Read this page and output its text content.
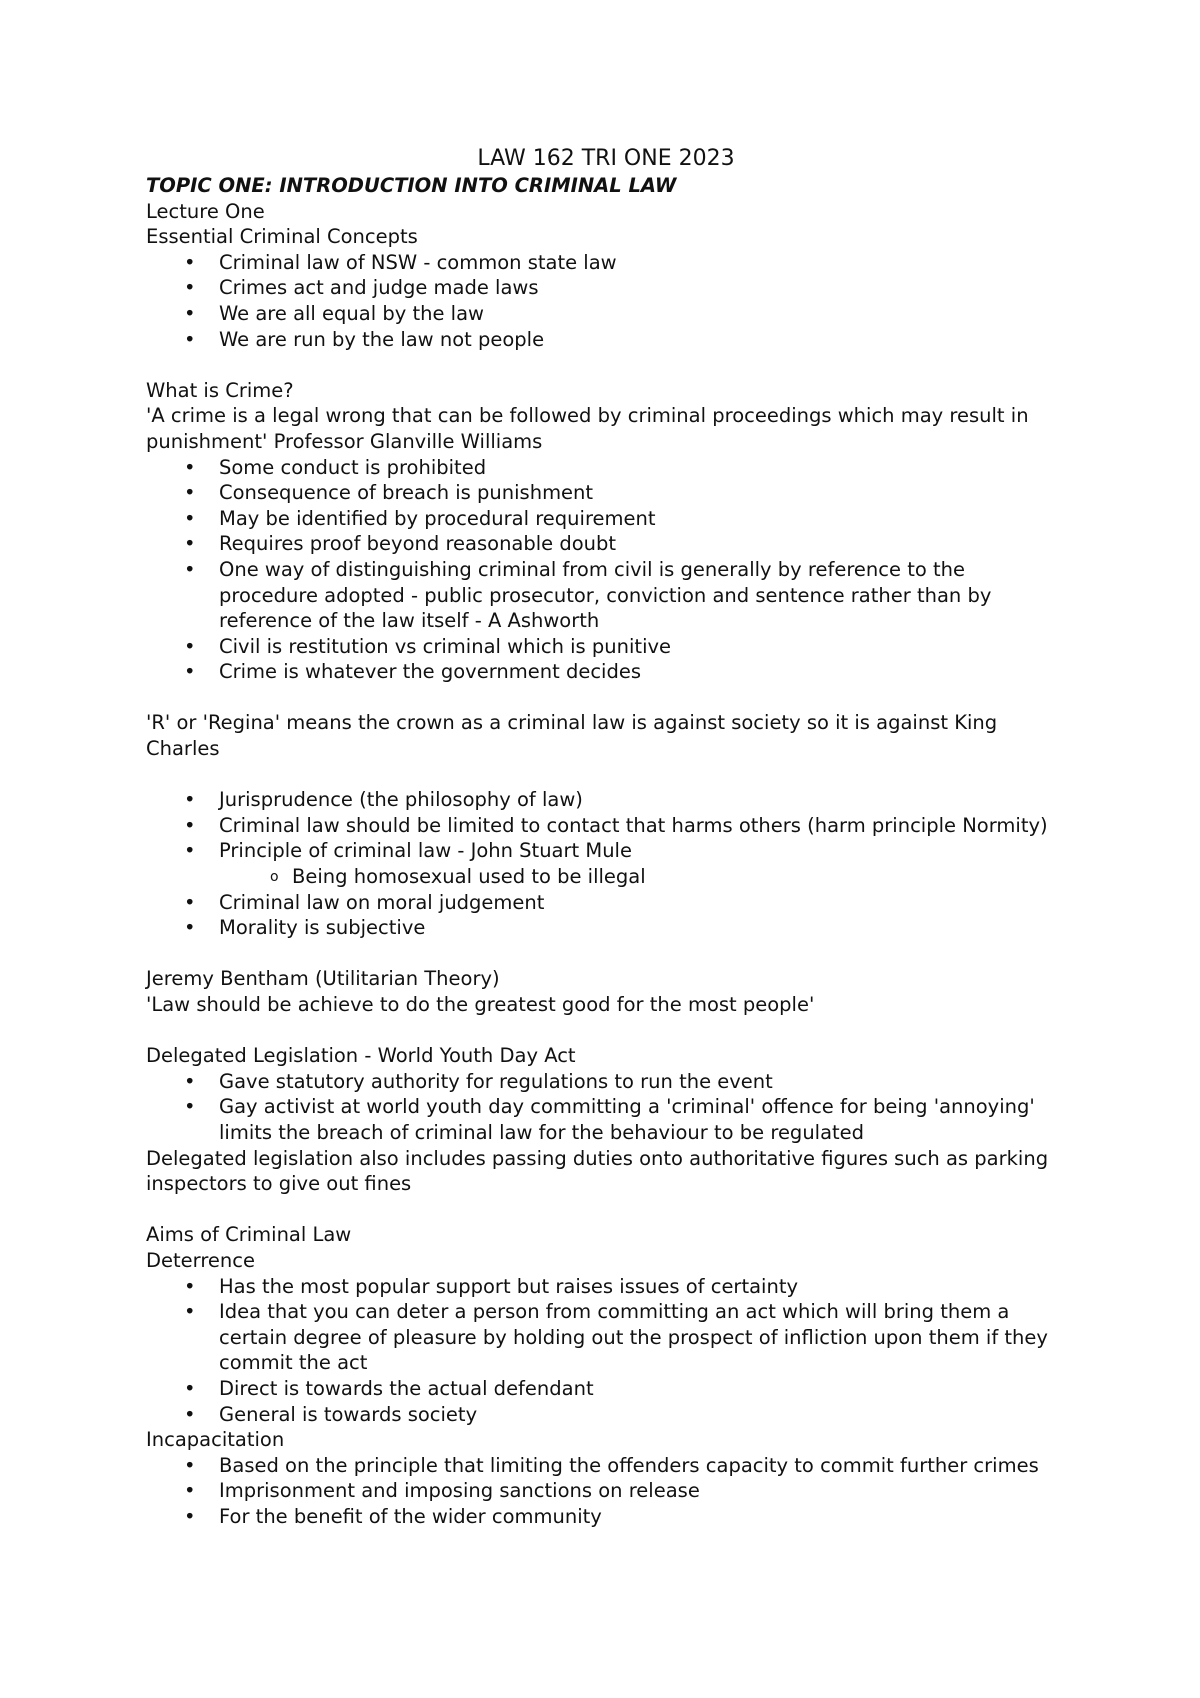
LAW 162 TRI ONE 2023

TOPIC ONE: INTRODUCTION INTO CRIMINAL LAW

Lecture One

Essential Criminal Concepts

• Criminal law of NSW - common state law
• Crimes act and judge made laws
• We are all equal by the law
• We are run by the law not people

What is Crime?

'A crime is a legal wrong that can be followed by criminal proceedings which may result in punishment' Professor Glanville Williams

• Some conduct is prohibited
• Consequence of breach is punishment
• May be identified by procedural requirement
• Requires proof beyond reasonable doubt
• One way of distinguishing criminal from civil is generally by reference to the procedure adopted - public prosecutor, conviction and sentence rather than by reference of the law itself - A Ashworth
• Civil is restitution vs criminal which is punitive
• Crime is whatever the government decides

'R' or 'Regina' means the crown as a criminal law is against society so it is against King Charles

• Jurisprudence (the philosophy of law)
• Criminal law should be limited to contact that harms others (harm principle Normity)
• Principle of criminal law - John Stuart Mule
o Being homosexual used to be illegal
• Criminal law on moral judgement
• Morality is subjective

Jeremy Bentham (Utilitarian Theory)

'Law should be achieve to do the greatest good for the most people'

Delegated Legislation - World Youth Day Act

• Gave statutory authority for regulations to run the event
• Gay activist at world youth day committing a 'criminal' offence for being 'annoying' limits the breach of criminal law for the behaviour to be regulated

Delegated legislation also includes passing duties onto authoritative figures such as parking inspectors to give out fines

Aims of Criminal Law

Deterrence

• Has the most popular support but raises issues of certainty
• Idea that you can deter a person from committing an act which will bring them a certain degree of pleasure by holding out the prospect of infliction upon them if they commit the act
• Direct is towards the actual defendant
• General is towards society

Incapacitation

• Based on the principle that limiting the offenders capacity to commit further crimes
• Imprisonment and imposing sanctions on release
• For the benefit of the wider community
